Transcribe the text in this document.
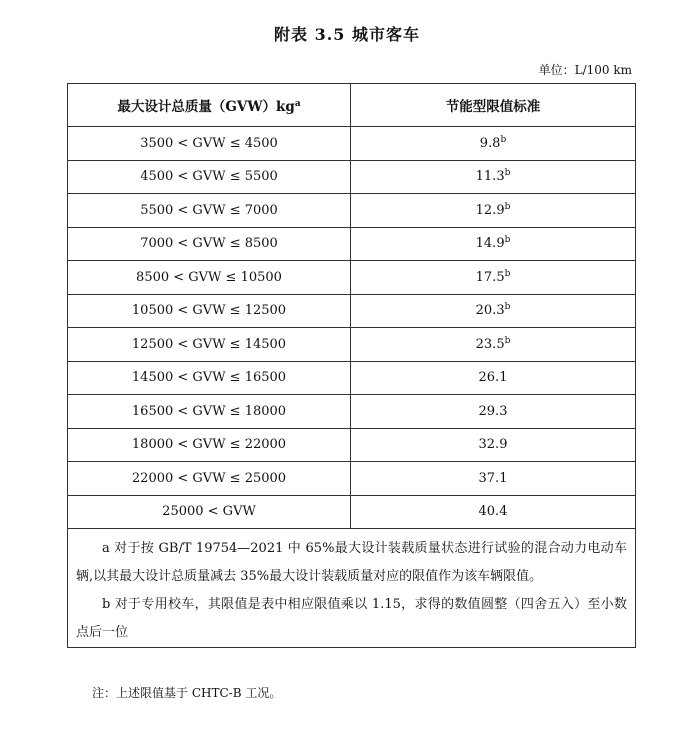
附表 3.5 城市客车
单位：L/100 km
最大设计总质量$(GVW)kg^a$	节能型限值标准
3500 < GVW ≤ 4500	9.8$^b$
4500 < GVW ≤ 5500	11.3$^b$
5500 < GVW ≤ 7000	12.9$^b$
7000 < GVW ≤ 8500	14.9$^b$
8500 < GVW ≤ 10500	17.5$^b$
10500 < GVW ≤ 12500	20.3$^b$
12500 < GVW ≤ 14500	23.5$^b$
14500 < GVW ≤ 16500	26.1
16500 < GVW ≤ 18000	29.3
18000 < GVW ≤ 22000	32.9
22000 < GVW ≤ 25000	37.1
25000 < GVW	40.4

a 对于按 GB/T 19754—2021 中 65%最大设计装载质量状态进行试验的混合动力电动车辆,以其最大设计总质量减去 35%最大设计装载质量对应的限值作为该车辆限值。

b 对于专用校车，其限值是表中相应限值乘以 1.15，求得的数值圆整（四舍五入）至小数点后一位	

注：上述限值基于 CHTC-B 工况。
